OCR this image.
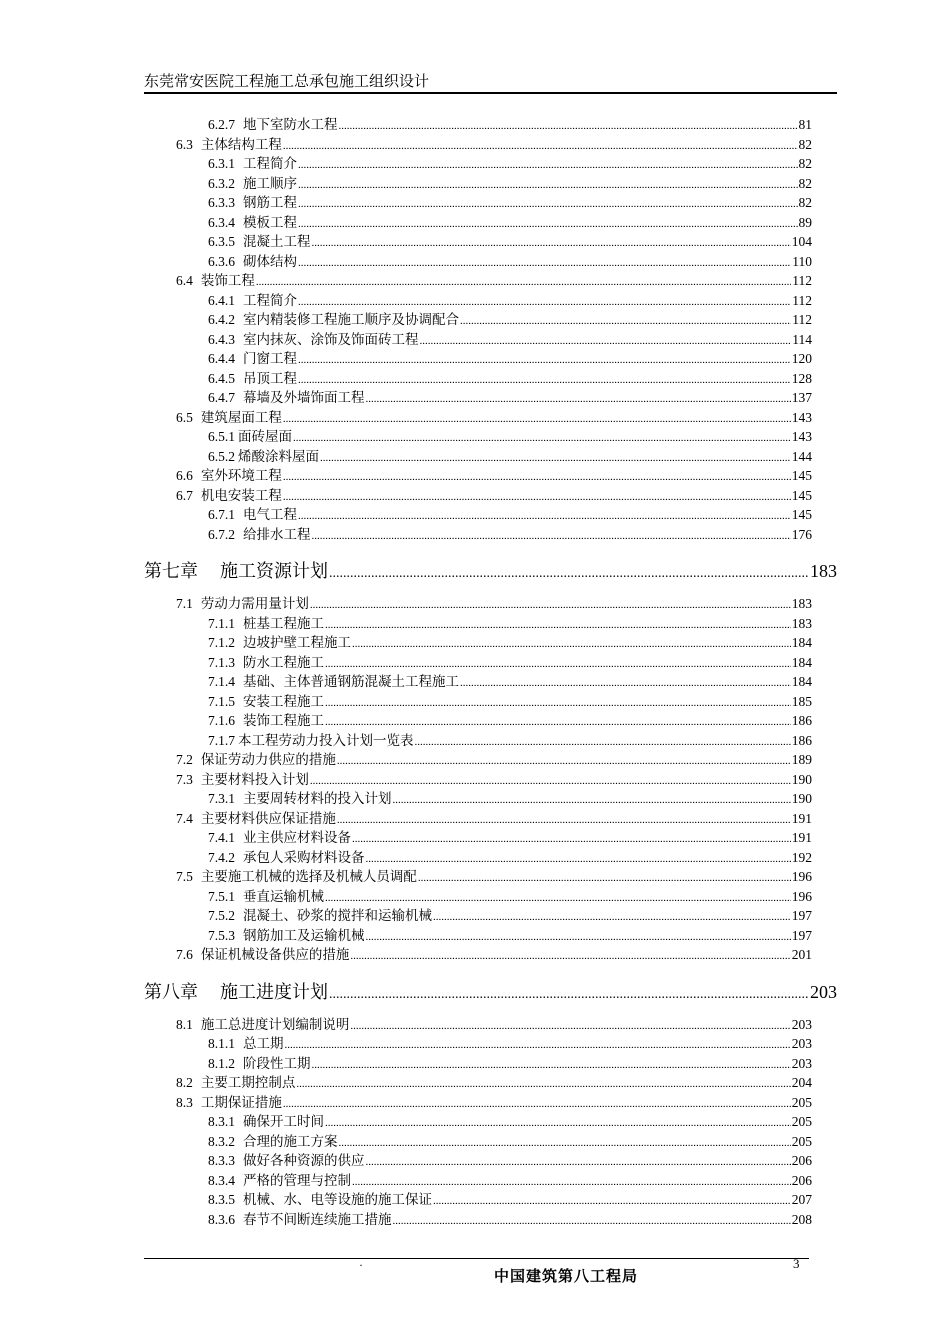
东莞常安医院工程施工总承包施工组织设计
6.2.7 地下室防水工程 .....	81
6.3 主体结构工程 .....	82
6.3.1 工程简介 .....	82
6.3.2 施工顺序 .....	82
6.3.3 钢筋工程 .....	82
6.3.4 模板工程 .....	89
6.3.5 混凝土工程 .....	104
6.3.6 砌体结构 .....	110
6.4 装饰工程 .....	112
6.4.1 工程简介 .....	112
6.4.2 室内精装修工程施工顺序及协调配合 .....	112
6.4.3 室内抹灰、涂饰及饰面砖工程 .....	114
6.4.4 门窗工程 .....	120
6.4.5 吊顶工程 .....	128
6.4.7 幕墙及外墙饰面工程 .....	137
6.5 建筑屋面工程 .....	143
6.5.1 面砖屋面 .....	143
6.5.2 烯酸涂料屋面 .....	144
6.6 室外环境工程 .....	145
6.7 机电安装工程 .....	145
6.7.1 电气工程 .....	145
6.7.2 给排水工程 .....	176
第七章 施工资源计划 .....	183
7.1 劳动力需用量计划 .....	183
7.1.1 桩基工程施工 .....	183
7.1.2 边坡护壁工程施工 .....	184
7.1.3 防水工程施工 .....	184
7.1.4 基础、主体普通钢筋混凝土工程施工 .....	184
7.1.5 安装工程施工 .....	185
7.1.6 装饰工程施工 .....	186
7.1.7 本工程劳动力投入计划一览表 .....	186
7.2 保证劳动力供应的措施 .....	189
7.3 主要材料投入计划 .....	190
7.3.1 主要周转材料的投入计划 .....	190
7.4 主要材料供应保证措施 .....	191
7.4.1 业主供应材料设备 .....	191
7.4.2 承包人采购材料设备 .....	192
7.5 主要施工机械的选择及机械人员调配 .....	196
7.5.1 垂直运输机械 .....	196
7.5.2 混凝土、砂浆的搅拌和运输机械 .....	197
7.5.3 钢筋加工及运输机械 .....	197
7.6 保证机械设备供应的措施 .....	201
第八章 施工进度计划 .....	203
8.1 施工总进度计划编制说明 .....	203
8.1.1 总工期 .....	203
8.1.2 阶段性工期 .....	203
8.2 主要工期控制点 .....	204
8.3 工期保证措施 .....	205
8.3.1 确保开工时间 .....	205
8.3.2 合理的施工方案 .....	205
8.3.3 做好各种资源的供应 .....	206
8.3.4 严格的管理与控制 .....	206
8.3.5 机械、水、电等设施的施工保证 .....	207
8.3.6 春节不间断连续施工措施 .....	208
·	3
中国建筑第八工程局
